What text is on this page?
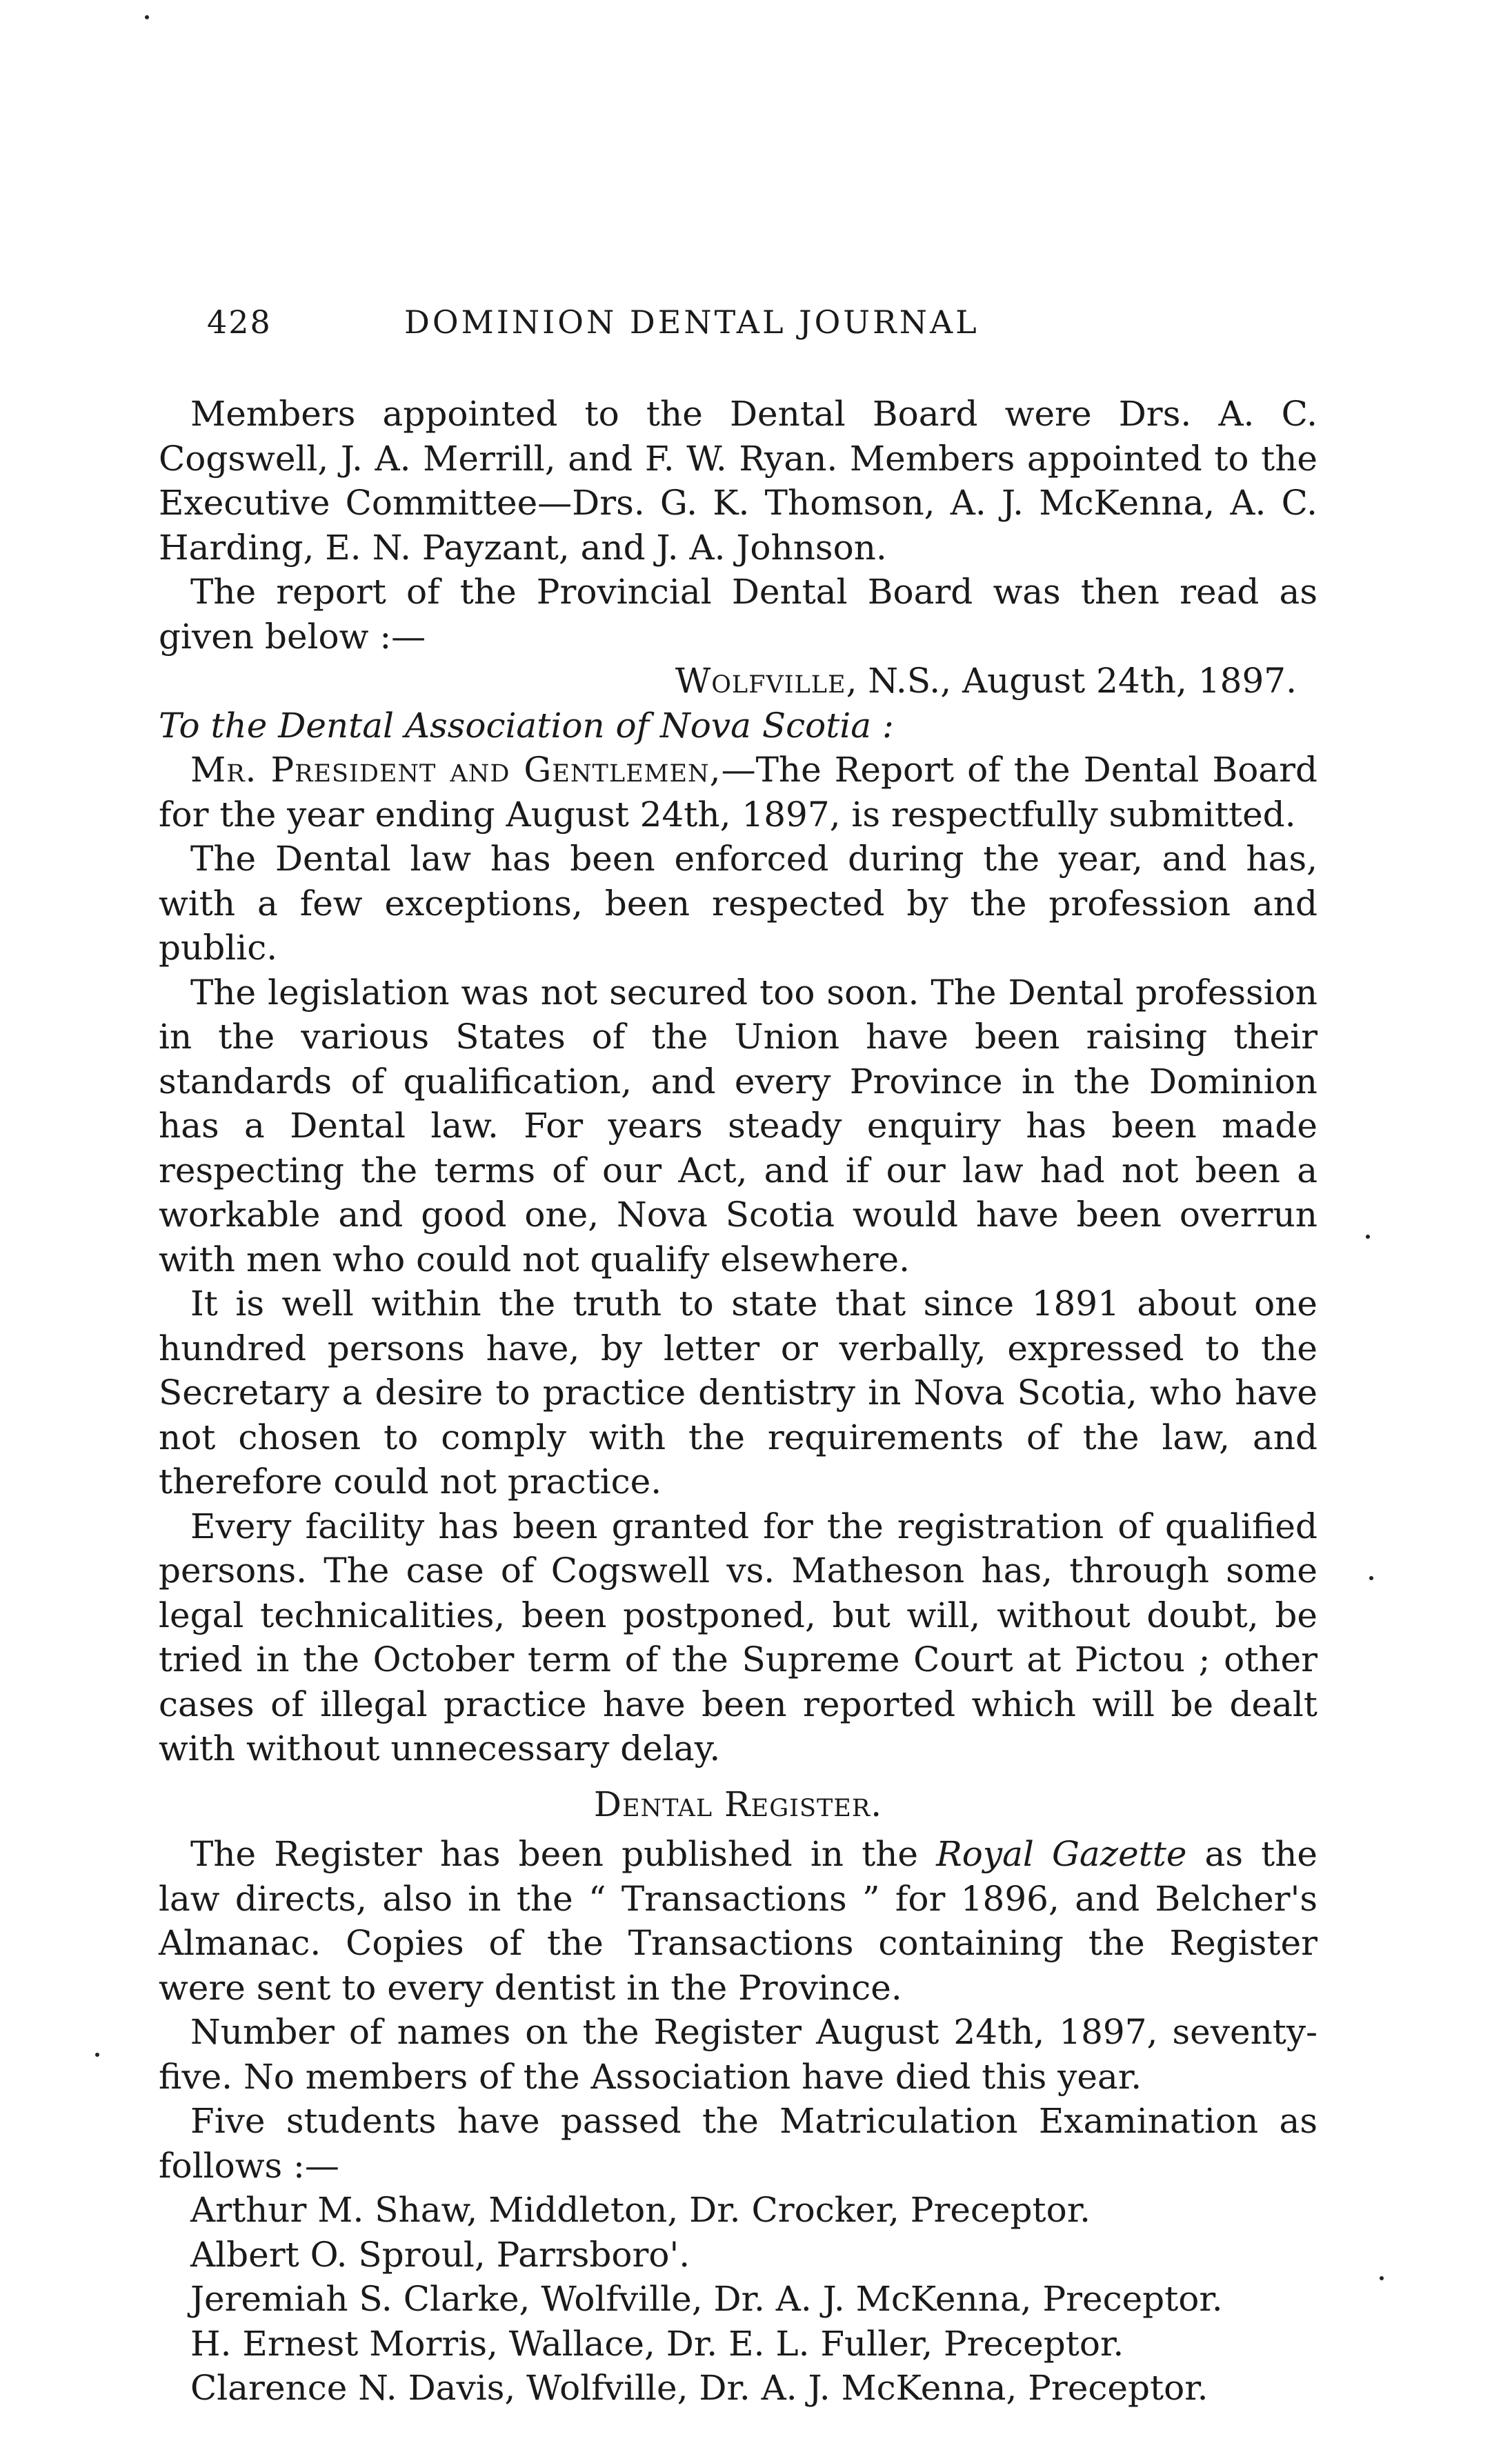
428	DOMINION DENTAL JOURNAL

Members appointed to the Dental Board were Drs. A. C. Cogswell, J. A. Merrill, and F. W. Ryan. Members appointed to the Executive Committee—Drs. G. K. Thomson, A. J. McKenna, A. C. Harding, E. N. Payzant, and J. A. Johnson.

The report of the Provincial Dental Board was then read as given below :—

Wolfville, N.S., August 24th, 1897.

To the Dental Association of Nova Scotia :

Mr. President and Gentlemen,—The Report of the Dental Board for the year ending August 24th, 1897, is respectfully submitted.

The Dental law has been enforced during the year, and has, with a few exceptions, been respected by the profession and public.

The legislation was not secured too soon. The Dental profession in the various States of the Union have been raising their standards of qualification, and every Province in the Dominion has a Dental law. For years steady enquiry has been made respecting the terms of our Act, and if our law had not been a workable and good one, Nova Scotia would have been overrun with men who could not qualify elsewhere.

It is well within the truth to state that since 1891 about one hundred persons have, by letter or verbally, expressed to the Secretary a desire to practice dentistry in Nova Scotia, who have not chosen to comply with the requirements of the law, and therefore could not practice.

Every facility has been granted for the registration of qualified persons. The case of Cogswell vs. Matheson has, through some legal technicalities, been postponed, but will, without doubt, be tried in the October term of the Supreme Court at Pictou ; other cases of illegal practice have been reported which will be dealt with without unnecessary delay.

Dental Register.

The Register has been published in the Royal Gazette as the law directs, also in the “ Transactions ” for 1896, and Belcher's Almanac. Copies of the Transactions containing the Register were sent to every dentist in the Province.

Number of names on the Register August 24th, 1897, seventy-five. No members of the Association have died this year.

Five students have passed the Matriculation Examination as follows :—

Arthur M. Shaw, Middleton, Dr. Crocker, Preceptor.

Albert O. Sproul, Parrsboro'.

Jeremiah S. Clarke, Wolfville, Dr. A. J. McKenna, Preceptor.

H. Ernest Morris, Wallace, Dr. E. L. Fuller, Preceptor.

Clarence N. Davis, Wolfville, Dr. A. J. McKenna, Preceptor.
